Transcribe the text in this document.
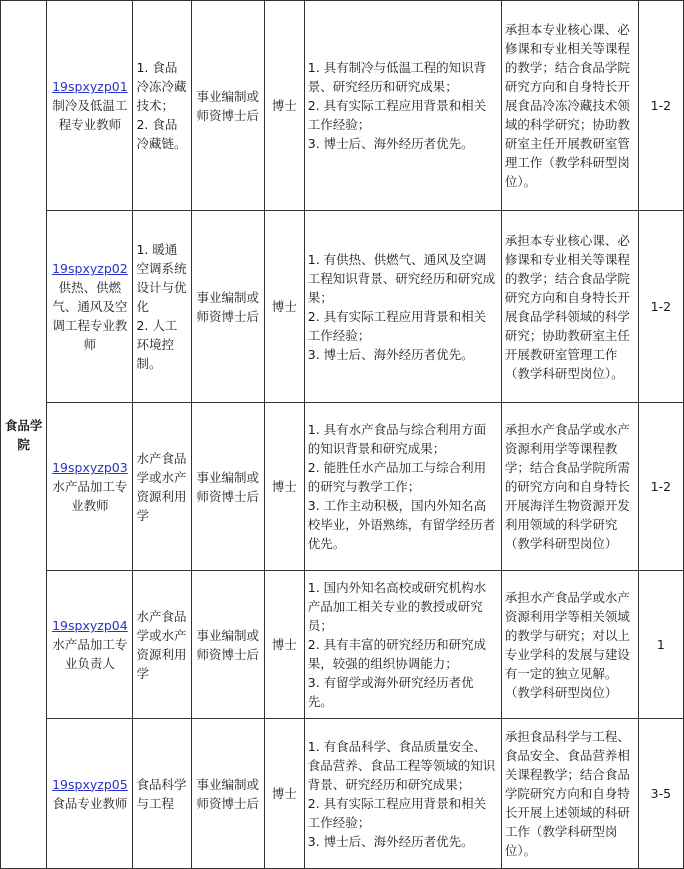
食品学院	19spxyzp01制冷及低温工程专业教师	1. 食品冷冻冷藏技术；
2. 食品冷藏链。	事业编制或师资博士后	博士	1. 具有制冷与低温工程的知识背景、研究经历和研究成果；
2. 具有实际工程应用背景和相关工作经验；
3. 博士后、海外经历者优先。	承担本专业核心课、必修课和专业相关等课程的教学；结合食品学院研究方向和自身特长开展食品冷冻冷藏技术领域的科学研究；协助教研室主任开展教研室管理工作（教学科研型岗位）。	1-2
	19spxyzp02供热、供燃气、通风及空调工程专业教师	1. 暖通空调系统设计与优化
2. 人工环境控制。	事业编制或师资博士后	博士	1. 有供热、供燃气、通风及空调工程知识背景、研究经历和研究成果；
2. 具有实际工程应用背景和相关工作经验；
3. 博士后、海外经历者优先。	承担本专业核心课、必修课和专业相关等课程的教学；结合食品学院研究方向和自身特长开展食品学科领域的科学研究；协助教研室主任开展教研室管理工作（教学科研型岗位）。	1-2
	19spxyzp03水产品加工专业教师	水产食品学或水产资源利用学	事业编制或师资博士后	博士	1. 具有水产食品与综合利用方面的知识背景和研究成果；
2. 能胜任水产品加工与综合利用的研究与教学工作；
3. 工作主动积极，国内外知名高校毕业，外语熟练，有留学经历者优先。	承担水产食品学或水产资源利用学等课程教学；结合食品学院所需的研究方向和自身特长开展海洋生物资源开发利用领域的科学研究（教学科研型岗位）	1-2
	19spxyzp04水产品加工专业负责人	水产食品学或水产资源利用学	事业编制或师资博士后	博士	1. 国内外知名高校或研究机构水产品加工相关专业的教授或研究员；
2. 具有丰富的研究经历和研究成果，较强的组织协调能力；
3. 有留学或海外研究经历者优先。	承担水产食品学或水产资源利用学等相关领域的教学与研究；对以上专业学科的发展与建设有一定的独立见解。（教学科研型岗位）	1
	19spxyzp05食品专业教师	食品科学与工程	事业编制或师资博士后	博士	1. 有食品科学、食品质量安全、食品营养、食品工程等领域的知识背景、研究经历和研究成果；
2. 具有实际工程应用背景和相关工作经验；
3. 博士后、海外经历者优先。	承担食品科学与工程、食品安全、食品营养相关课程教学；结合食品学院研究方向和自身特长开展上述领域的科研工作（教学科研型岗位）。	3-5
